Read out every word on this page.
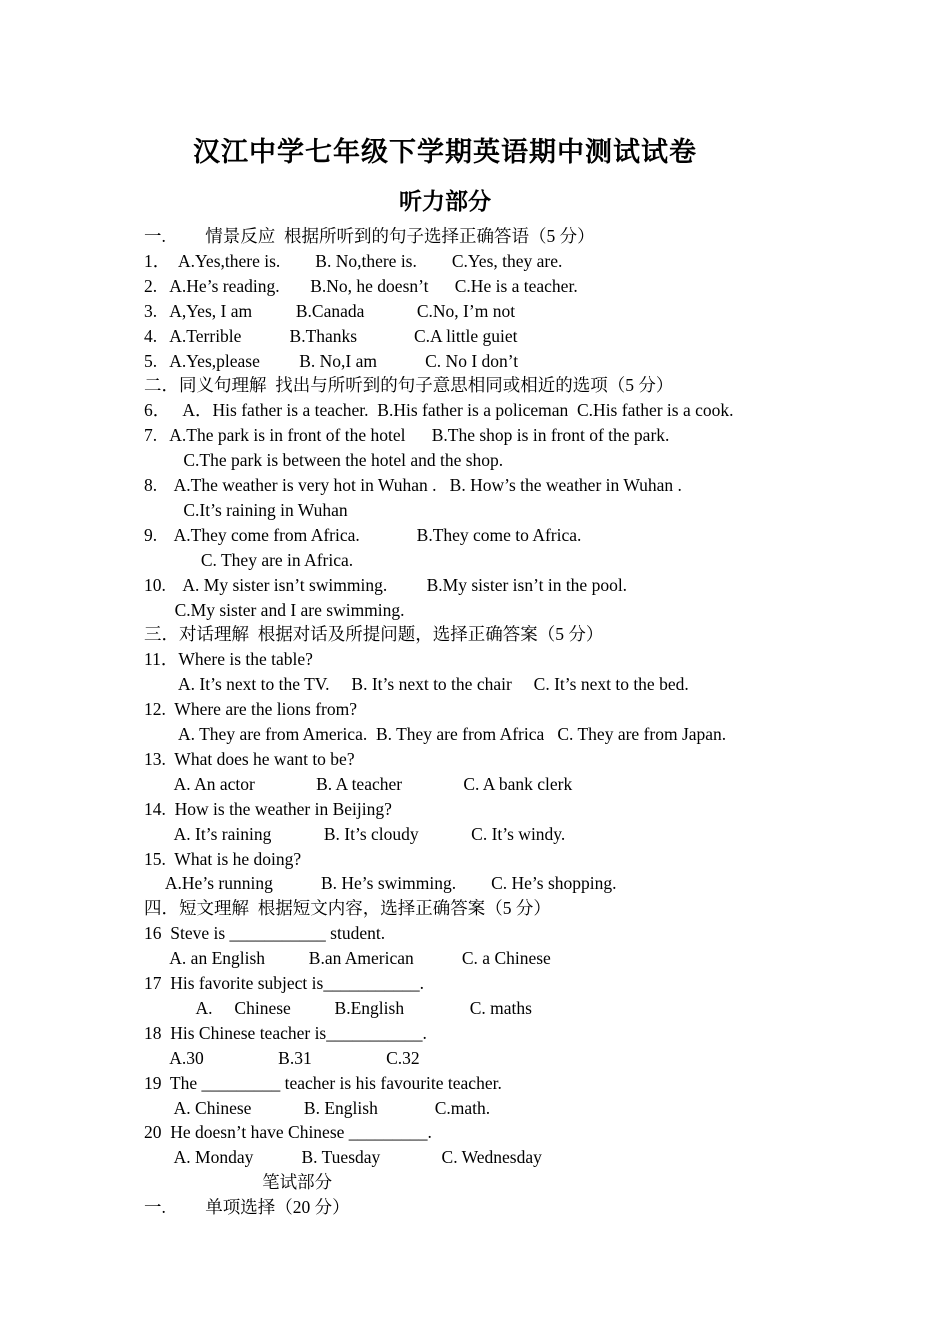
汉江中学七年级下学期英语期中测试试卷
听力部分
一.　　 情景反应  根据所听到的句子选择正确答语（5 分）
1．  A.Yes,there is.        B. No,there is.        C.Yes, they are.
2.   A.He’s reading.       B.No, he doesn’t      C.He is a teacher.
3.   A,Yes, I am          B.Canada            C.No, I’m not
4.   A.Terrible           B.Thanks             C.A little guiet
5.   A.Yes,please         B. No,I am           C. No I don’t
二．同义句理解  找出与所听到的句子意思相同或相近的选项（5 分）
6．   A．His father is a teacher.  B.His father is a policeman  C.His father is a cook.
7.   A.The park is in front of the hotel      B.The shop is in front of the park.
C.The park is between the hotel and the shop.
8.    A.The weather is very hot in Wuhan .   B. How’s the weather in Wuhan .
C.It’s raining in Wuhan
9.    A.They come from Africa.             B.They come to Africa.
C. They are in Africa.
10.    A. My sister isn’t swimming.         B.My sister isn’t in the pool.
C.My sister and I are swimming.
三．对话理解  根据对话及所提问题，选择正确答案（5 分）
11．Where is the table?
A. It’s next to the TV.     B. It’s next to the chair     C. It’s next to the bed.
12.  Where are the lions from?
A. They are from America.  B. They are from Africa   C. They are from Japan.
13.  What does he want to be?
A. An actor              B. A teacher              C. A bank clerk
14.  How is the weather in Beijing?
A. It’s raining            B. It’s cloudy            C. It’s windy.
15.  What is he doing?
A.He’s running           B. He’s swimming.        C. He’s shopping.
四．短文理解  根据短文内容，选择正确答案（5 分）
16  Steve is ___________ student.
A. an English          B.an American           C. a Chinese
17  His favorite subject is___________.
A.     Chinese          B.English               C. maths
18  His Chinese teacher is___________.
A.30                 B.31                 C.32
19  The _________ teacher is his favourite teacher.
A. Chinese            B. English             C.math.
20  He doesn’t have Chinese _________.
A. Monday           B. Tuesday              C. Wednesday
笔试部分
一.　　 单项选择（20 分）
